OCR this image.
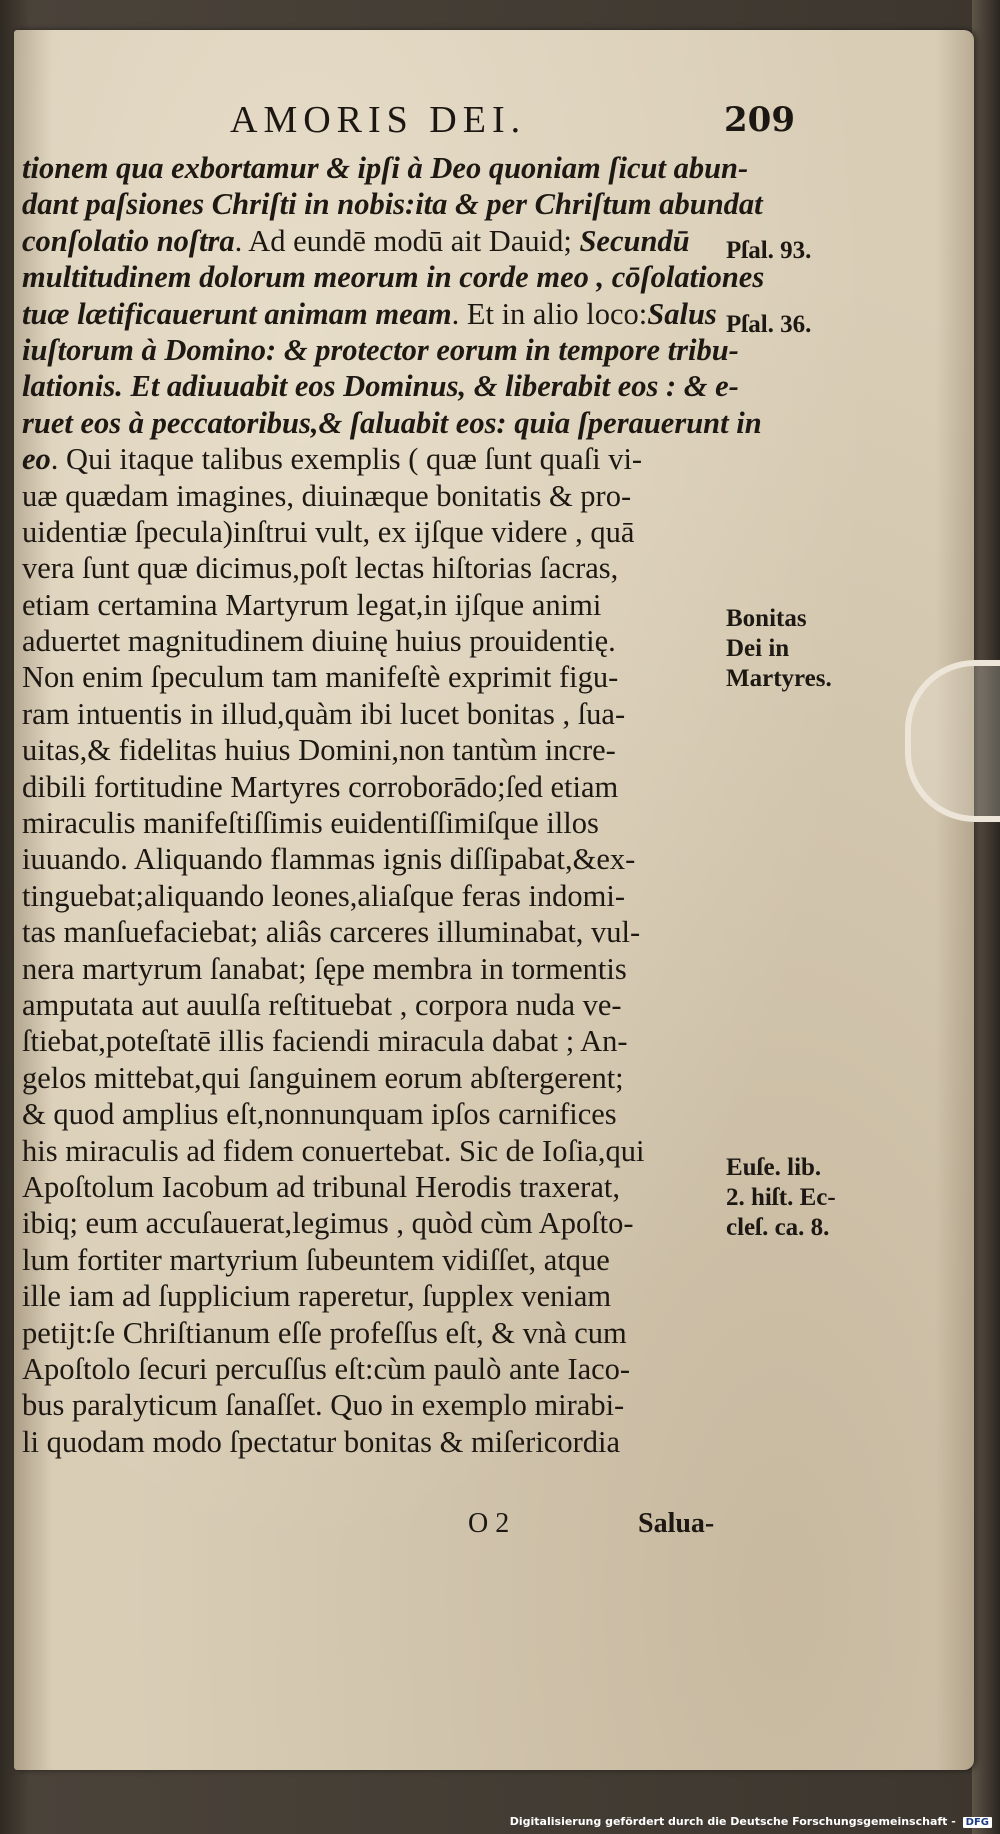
AMORIS DEI.	209
tionem qua exbortamur & ipſi à Deo quoniam ſicut abun-
dant paſsiones Chriſti in nobis:ita & per Chriſtum abundat
conſolatio noſtra. Ad eundē modū ait Dauid; Secundū
multitudinem dolorum meorum in corde meo , cōſolationes
tuæ lætificauerunt animam meam. Et in alio loco:Salus
iuſtorum à Domino: & protector eorum in tempore tribu-
lationis. Et adiuuabit eos Dominus, & liberabit eos : & e-
ruet eos à peccatoribus,& ſaluabit eos: quia ſperauerunt in
eo. Qui itaque talibus exemplis ( quæ ſunt quaſi vi-
uæ quædam imagines, diuinæque bonitatis & pro-
uidentiæ ſpecula)inſtrui vult, ex ijſque videre , quā
vera ſunt quæ dicimus,poſt lectas hiſtorias ſacras,
etiam certamina Martyrum legat,in ijſque animi
aduertet magnitudinem diuinę huius prouidentię.
Non enim ſpeculum tam manifeſtè exprimit figu-
ram intuentis in illud,quàm ibi lucet bonitas , ſua-
uitas,& fidelitas huius Domini,non tantùm incre-
dibili fortitudine Martyres corroborādo;ſed etiam
miraculis manifeſtiſſimis euidentiſſimiſque illos
iuuando. Aliquando flammas ignis diſſipabat,&ex-
tinguebat;aliquando leones,aliaſque feras indomi-
tas manſuefaciebat; aliâs carceres illuminabat, vul-
nera martyrum ſanabat; ſępe membra in tormentis
amputata aut auulſa reſtituebat , corpora nuda ve-
ſtiebat,poteſtatē illis faciendi miracula dabat ; An-
gelos mittebat,qui ſanguinem eorum abſtergerent;
& quod amplius eſt,nonnunquam ipſos carnifices
his miraculis ad fidem conuertebat. Sic de Ioſia,qui
Apoſtolum Iacobum ad tribunal Herodis traxerat,
ibiq; eum accuſauerat,legimus , quòd cùm Apoſto-
lum fortiter martyrium ſubeuntem vidiſſet, atque
ille iam ad ſupplicium raperetur, ſupplex veniam
petijt:ſe Chriſtianum eſſe profeſſus eſt, & vnà cum
Apoſtolo ſecuri percuſſus eſt:cùm paulò ante Iaco-
bus paralyticum ſanaſſet. Quo in exemplo mirabi-
li quodam modo ſpectatur bonitas & miſericordia
Pſal. 93.
Pſal. 36.
Bonitas
Dei in
Martyres.
Euſe. lib.
2. hiſt. Ec-
cleſ. ca. 8.
O 2	Salua-
Digitalisierung gefördert durch die Deutsche Forschungsgemeinschaft - DFG
